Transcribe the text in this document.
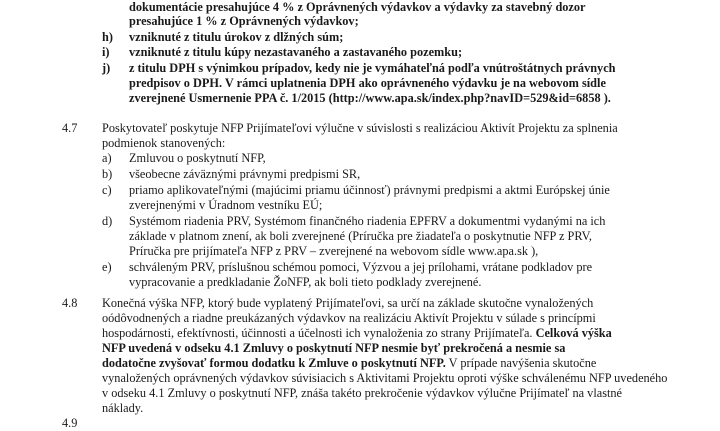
dokumentácie presahujúce 4 % z Oprávnených výdavkov a výdavky za stavebný dozor
presahujúce 1 % z Oprávnených výdavkov;
h) vzniknuté z titulu úrokov z dlžných súm;
i) vzniknuté z titulu kúpy nezastavaného a zastavaného pozemku;
j) z titulu DPH s výnimkou prípadov, kedy nie je vymáhateľná podľa vnútroštátnych právnych
predpisov o DPH. V rámci uplatnenia DPH ako oprávneného výdavku je na webovom sídle
zverejnené Usmernenie PPA č. 1/2015 (http://www.apa.sk/index.php?navID=529&id=6858 ).
4.7 Poskytovateľ poskytuje NFP Prijímateľovi výlučne v súvislosti s realizáciou Aktivít Projektu za splnenia
podmienok stanovených:
a) Zmluvou o poskytnutí NFP,
b) všeobecne záväznými právnymi predpismi SR,
c) priamo aplikovateľnými (majúcimi priamu účinnosť) právnymi predpismi a aktmi Európskej únie
zverejnenými v Úradnom vestníku EÚ;
d) Systémom riadenia PRV, Systémom finančného riadenia EPFRV a dokumentmi vydanými na ich
základe v platnom znení, ak boli zverejnené (Príručka pre žiadateľa o poskytnutie NFP z PRV,
Príručka pre prijímateľa NFP z PRV – zverejnené na webovom sídle www.apa.sk ),
e) schváleným PRV, príslušnou schémou pomoci, Výzvou a jej prílohami, vrátane podkladov pre
vypracovanie a predkladanie ŽoNFP, ak boli tieto podklady zverejnené.
4.8 Konečná výška NFP, ktorý bude vyplatený Prijímateľovi, sa určí na základe skutočne vynaložených
oódôvodnených a riadne preukázaných výdavkov na realizáciu Aktivít Projektu v súlade s princípmi
hospodárnosti, efektívnosti, účinnosti a účelnosti ich vynaloženia zo strany Prijímateľa. Celková výška
NFP uvedená v odseku 4.1 Zmluvy o poskytnutí NFP nesmie byť prekročená a nesmie sa
dodatočne zvyšovať formou dodatku k Zmluve o poskytnutí NFP. V prípade navýšenia skutočne
vynaložených oprávnených výdavkov súvisiacich s Aktivitami Projektu oproti výške schválenému NFP uvedeného
v odseku 4.1 Zmluvy o poskytnutí NFP, znáša takéto prekročenie výdavkov výlučne Prijímateľ na vlastné
náklady.
4.9
